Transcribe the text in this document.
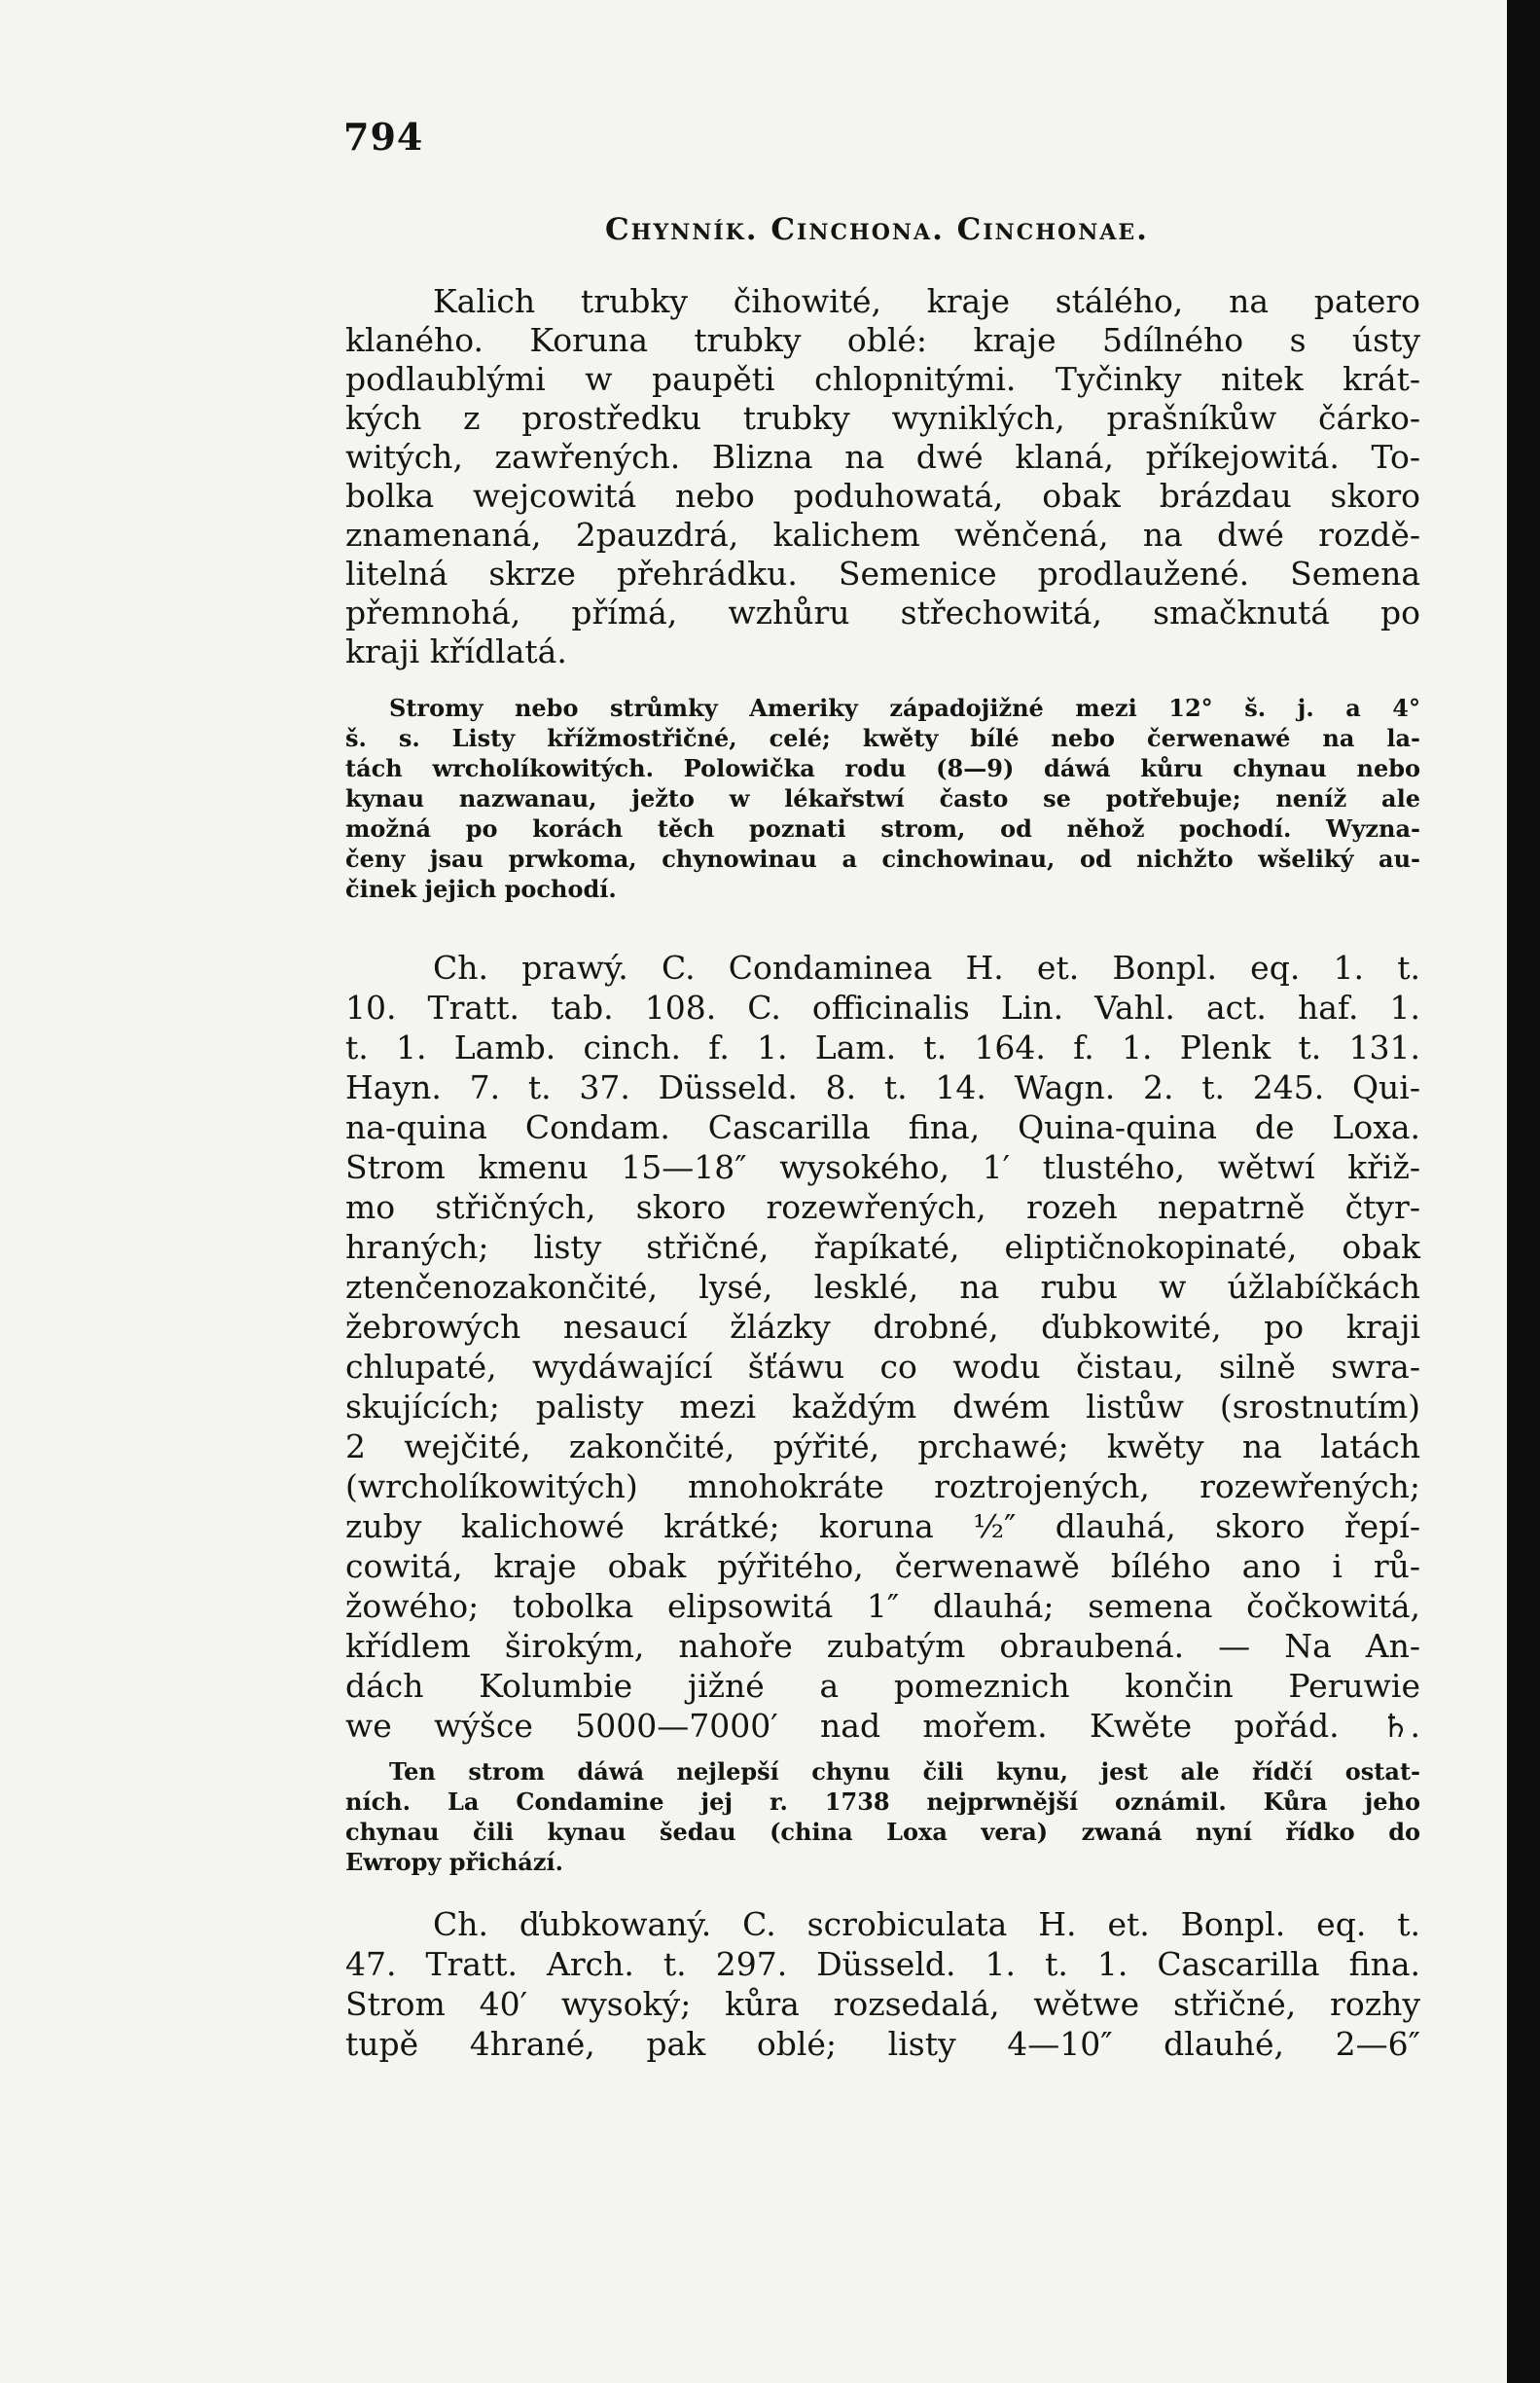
794
Chynník. Cinchona. Cinchonae.
Kalich trubky čihowité, kraje stálého, na patero
klaného. Koruna trubky oblé: kraje 5dílného s ústy
podlaublými w paupěti chlopnitými. Tyčinky nitek krát-
kých z prostředku trubky wyniklých, prašníkůw čárko-
witých, zawřených. Blizna na dwé klaná, příkejowitá. To-
bolka wejcowitá nebo poduhowatá, obak brázdau skoro
znamenaná, 2pauzdrá, kalichem wěnčená, na dwé rozdě-
litelná skrze přehrádku. Semenice prodlaužené. Semena
přemnohá, přímá, wzhůru střechowitá, smačknutá po
kraji křídlatá.
Stromy nebo strůmky Ameriky západojižné mezi 12° š. j. a 4°
š. s. Listy křížmostřičné, celé; kwěty bílé nebo čerwenawé na la-
tách wrcholíkowitých. Polowička rodu (8—9) dáwá kůru chynau nebo
kynau nazwanau, ježto w lékařstwí často se potřebuje; neníž ale
možná po korách těch poznati strom, od něhož pochodí. Wyzna-
čeny jsau prwkoma, chynowinau a cinchowinau, od nichžto wšeliký au-
činek jejich pochodí.
Ch. prawý. C. Condaminea H. et. Bonpl. eq. 1. t.
10. Tratt. tab. 108. C. officinalis Lin. Vahl. act. haf. 1.
t. 1. Lamb. cinch. f. 1. Lam. t. 164. f. 1. Plenk t. 131.
Hayn. 7. t. 37. Düsseld. 8. t. 14. Wagn. 2. t. 245. Qui-
na-quina Condam. Cascarilla fina, Quina-quina de Loxa.
Strom kmenu 15—18″ wysokého, 1′ tlustého, wětwí křiž-
mo střičných, skoro rozewřených, rozeh nepatrně čtyr-
hraných; listy střičné, řapíkaté, eliptičnokopinaté, obak
ztenčenozakončité, lysé, lesklé, na rubu w úžlabíčkách
žebrowých nesaucí žlázky drobné, ďubkowité, po kraji
chlupaté, wydáwající šťáwu co wodu čistau, silně swra-
skujících; palisty mezi každým dwém listůw (srostnutím)
2 wejčité, zakončité, pýřité, prchawé; kwěty na latách
(wrcholíkowitých) mnohokráte roztrojených, rozewřených;
zuby kalichowé krátké; koruna ½″ dlauhá, skoro řepí-
cowitá, kraje obak pýřitého, čerwenawě bílého ano i rů-
žowého; tobolka elipsowitá 1″ dlauhá; semena čočkowitá,
křídlem širokým, nahoře zubatým obraubená. — Na An-
dách Kolumbie jižné a pomeznich končin Peruwie
we wýšce 5000—7000′ nad mořem. Kwěte pořád. ♄.
Ten strom dáwá nejlepší chynu čili kynu, jest ale řídčí ostat-
ních. La Condamine jej r. 1738 nejprwnější oznámil. Kůra jeho
chynau čili kynau šedau (china Loxa vera) zwaná nyní řídko do
Ewropy přichází.
Ch. ďubkowaný. C. scrobiculata H. et. Bonpl. eq. t.
47. Tratt. Arch. t. 297. Düsseld. 1. t. 1. Cascarilla fina.
Strom 40′ wysoký; kůra rozsedalá, wětwe střičné, rozhy
tupě 4hrané, pak oblé; listy 4—10″ dlauhé, 2—6″
